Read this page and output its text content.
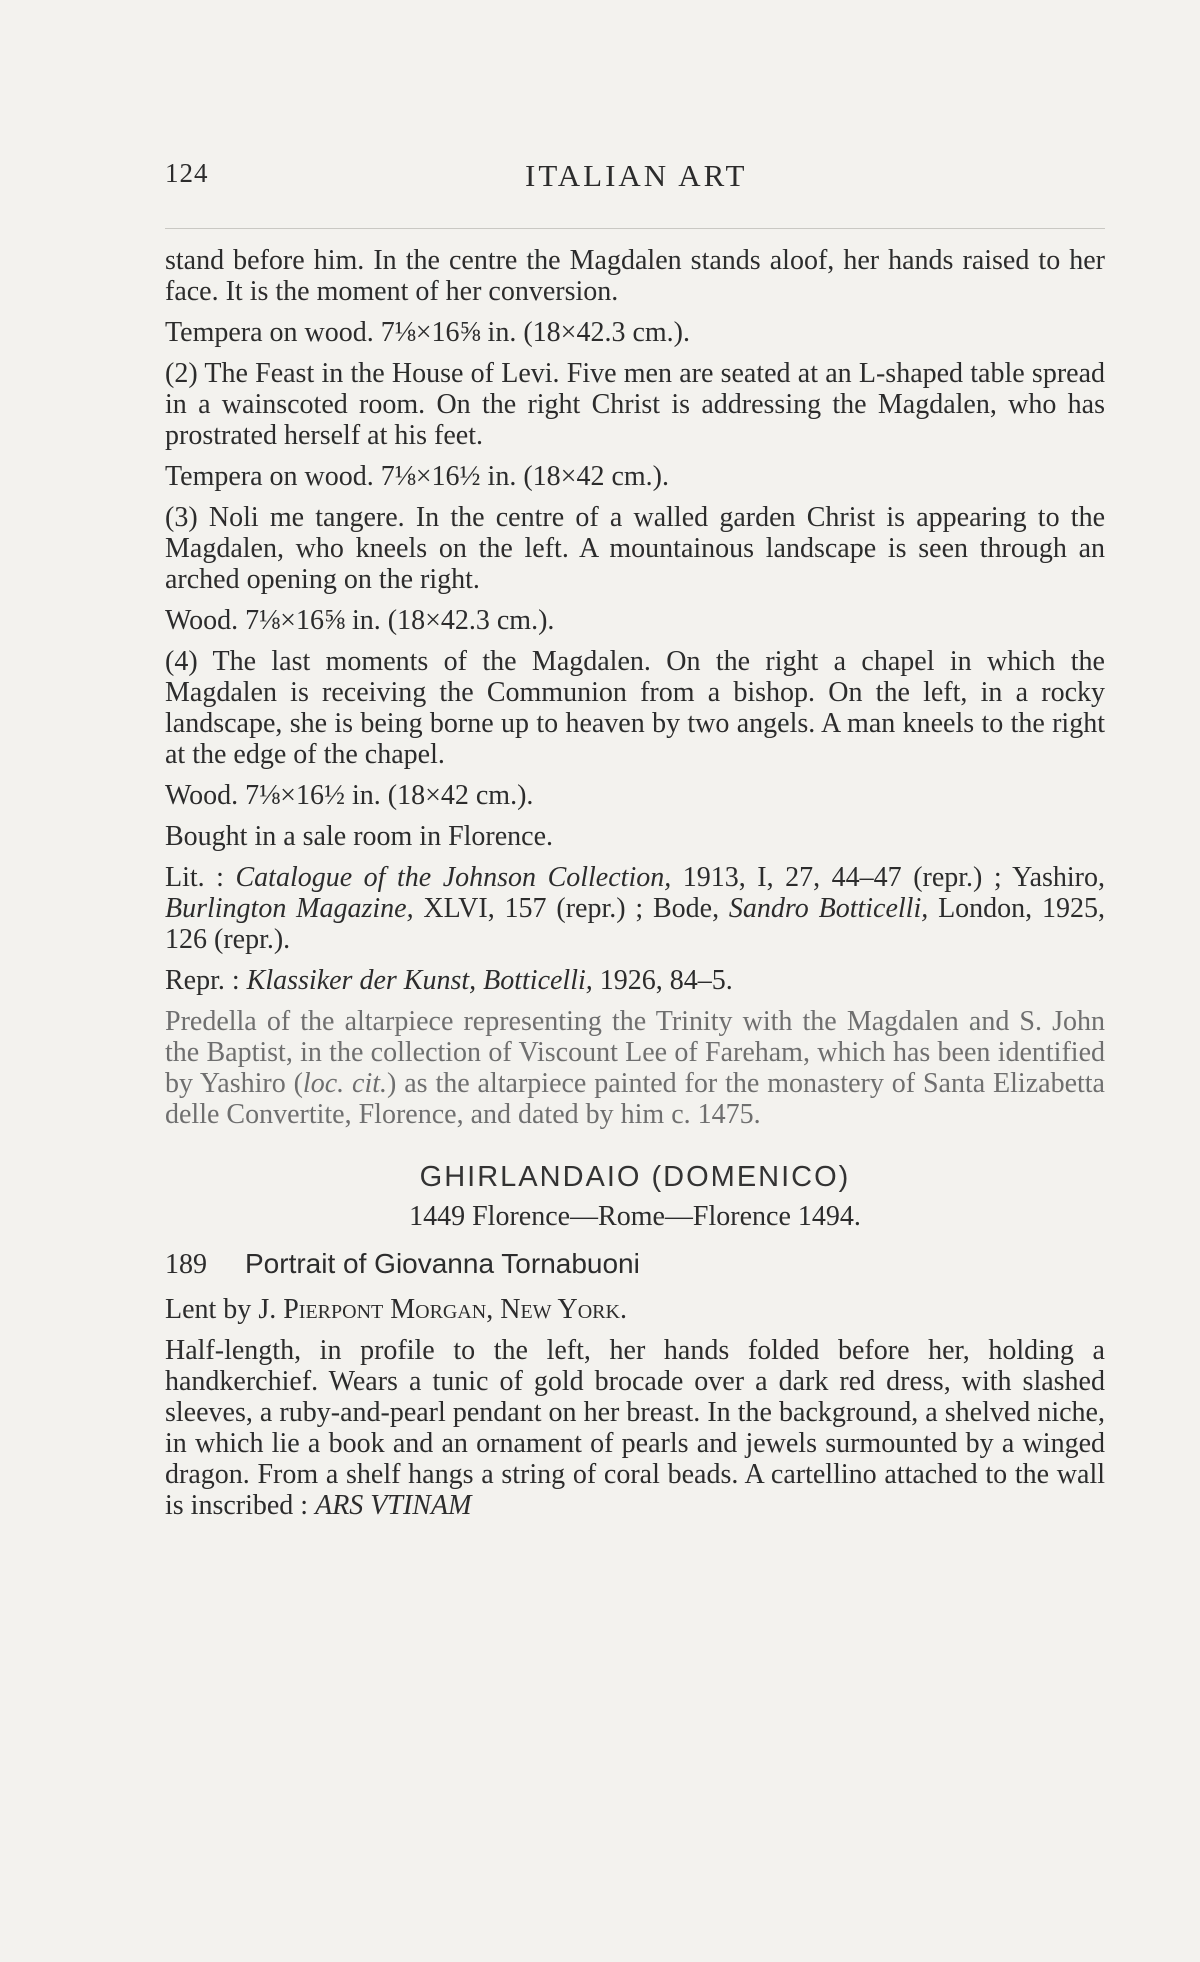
124	ITALIAN ART

stand before him. In the centre the Magdalen stands aloof, her hands raised to her face. It is the moment of her conversion.

Tempera on wood. 7⅛×16⅝ in. (18×42.3 cm.).

(2) The Feast in the House of Levi. Five men are seated at an L-shaped table spread in a wainscoted room. On the right Christ is addressing the Magdalen, who has prostrated herself at his feet.

Tempera on wood. 7⅛×16½ in. (18×42 cm.).

(3) Noli me tangere. In the centre of a walled garden Christ is appearing to the Magdalen, who kneels on the left. A mountainous landscape is seen through an arched opening on the right.

Wood. 7⅛×16⅝ in. (18×42.3 cm.).

(4) The last moments of the Magdalen. On the right a chapel in which the Magdalen is receiving the Communion from a bishop. On the left, in a rocky landscape, she is being borne up to heaven by two angels. A man kneels to the right at the edge of the chapel.

Wood. 7⅛×16½ in. (18×42 cm.).

Bought in a sale room in Florence.

Lit. : Catalogue of the Johnson Collection, 1913, I, 27, 44–47 (repr.) ; Yashiro, Burlington Magazine, XLVI, 157 (repr.) ; Bode, Sandro Botticelli, London, 1925, 126 (repr.).

Repr. : Klassiker der Kunst, Botticelli, 1926, 84–5.

Predella of the altarpiece representing the Trinity with the Magdalen and S. John the Baptist, in the collection of Viscount Lee of Fareham, which has been identified by Yashiro (loc. cit.) as the altarpiece painted for the monastery of Santa Elizabetta delle Convertite, Florence, and dated by him c. 1475.

GHIRLANDAIO (DOMENICO)
1449 Florence—Rome—Florence 1494.
189 Portrait of Giovanna Tornabuoni

Lent by J. Pierpont Morgan, New York.

Half-length, in profile to the left, her hands folded before her, holding a handkerchief. Wears a tunic of gold brocade over a dark red dress, with slashed sleeves, a ruby-and-pearl pendant on her breast. In the background, a shelved niche, in which lie a book and an ornament of pearls and jewels surmounted by a winged dragon. From a shelf hangs a string of coral beads. A cartellino attached to the wall is inscribed : ARS VTINAM
